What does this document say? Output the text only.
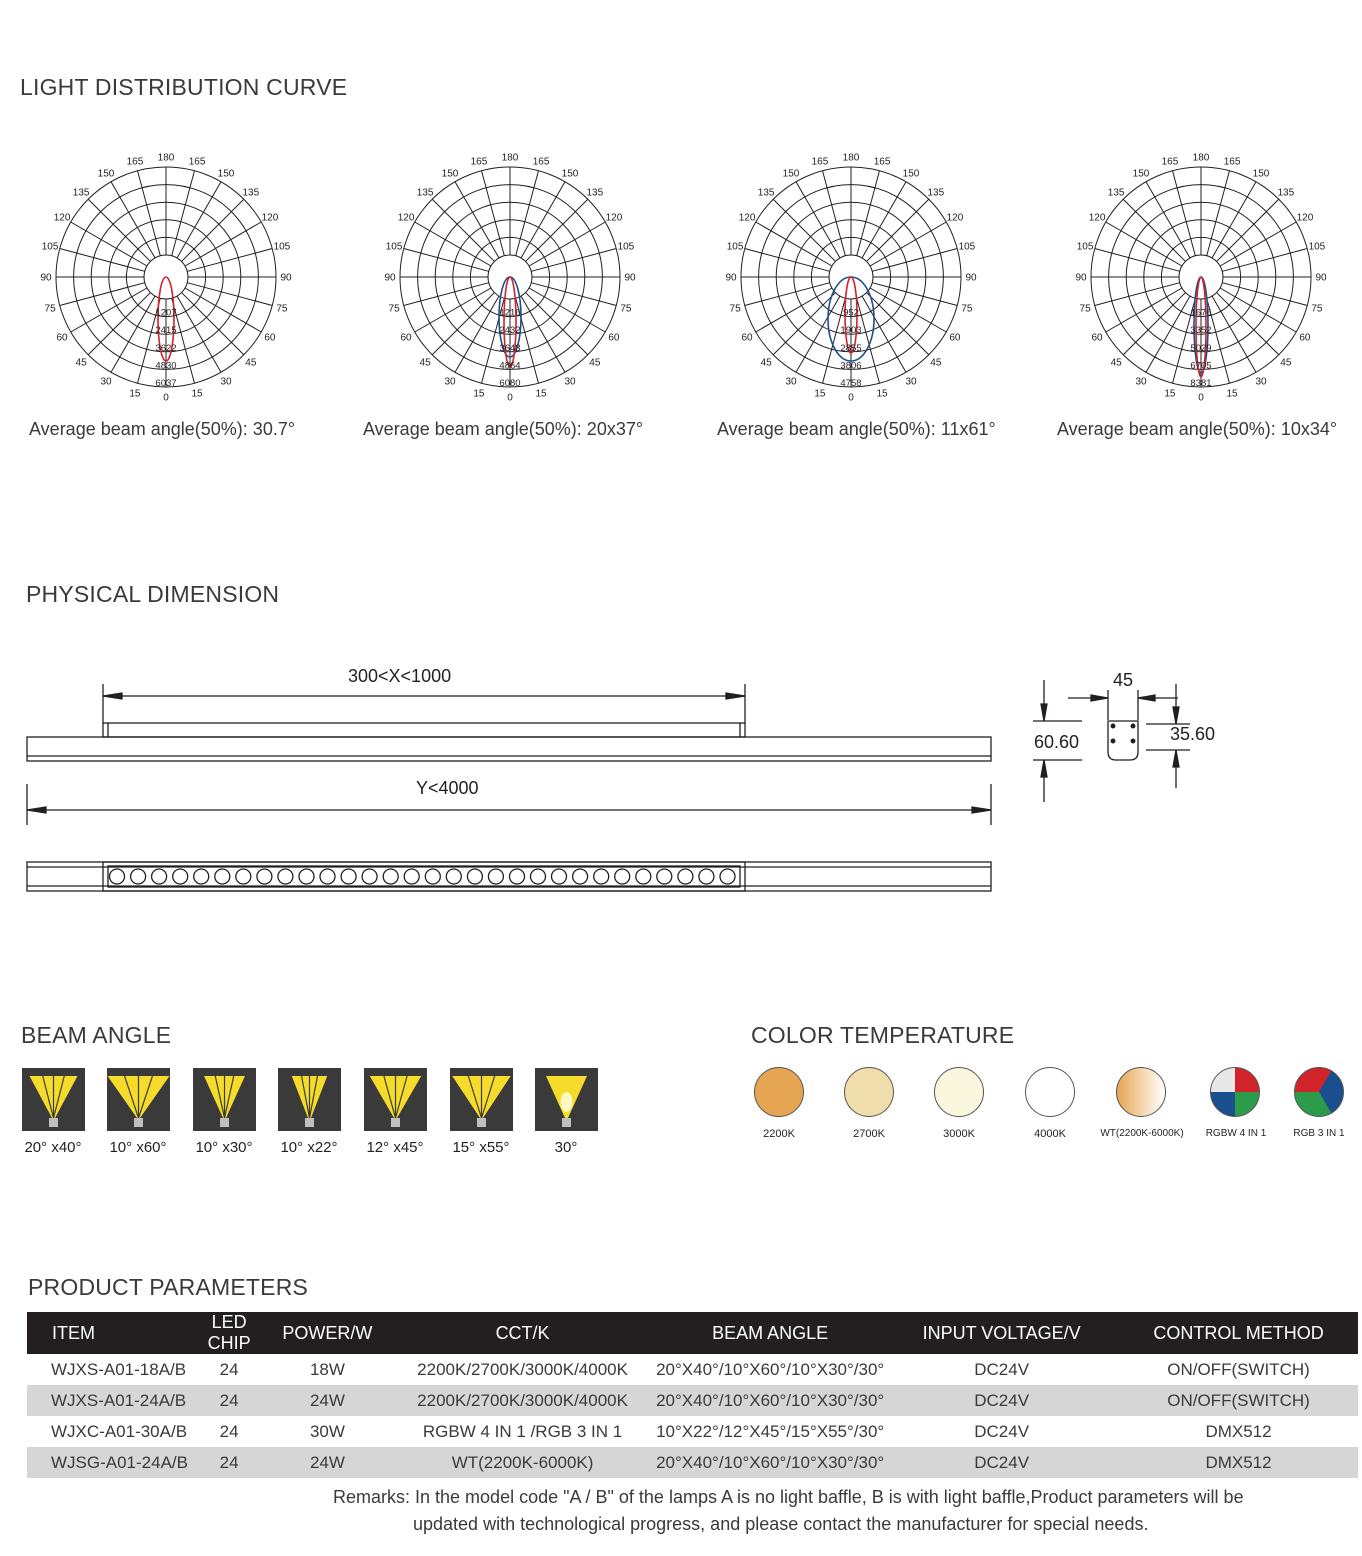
LIGHT DISTRIBUTION CURVE
PHYSICAL DIMENSION
BEAM ANGLE	COLOR TEMPERATURE
PRODUCT PARAMETERS
180 165
165
150
150
135
135
120
120
105
105
90
90
75
75
60
60
45
45
30
30
15
15 0
1207
2415
3622
4830
6037
180 165
165
150
150
135
135
120
120
105
105
90
90
75
75
60
60
45
45
30
30
15
15 0
1216
2432
3648
4864
6080
180 165
165
150
150
135
135
120
120
105
105
90
90
75
75
60
60
45
45
30
30
15
15 0
952
1903
2855
3806
4758
180 165
165
150
150
135
135
120
120
105
105
90
90
75
75
60
60
45
45
30
30
15
15 0
1676
3352
5029
6705
8381
Average beam angle(50%): 30.7°	Average beam angle(50%): 20x37°	Average beam angle(50%): 11x61°	Average beam angle(50%): 10x34°
300<X<1000
Y<4000
45
60.60	35.60
20° x40°	10° x60°	10° x30°	10° x22°	12° x45°	15° x55°	30°
2200K	2700K	3000K	4000K	WT(2200K-6000K)	RGBW 4 IN 1	RGB 3 IN 1
ITEM	LED CHIP	POWER/W	CCT/K	BEAM ANGLE	INPUT VOLTAGE/V	CONTROL METHOD
WJXS-A01-18A/B	24	18W	2200K/2700K/3000K/4000K	20°X40°/10°X60°/10°X30°/30°	DC24V	ON/OFF(SWITCH)
WJXS-A01-24A/B	24	24W	2200K/2700K/3000K/4000K	20°X40°/10°X60°/10°X30°/30°	DC24V	ON/OFF(SWITCH)
WJXC-A01-30A/B	24	30W	RGBW 4 IN 1 /RGB 3 IN 1	10°X22°/12°X45°/15°X55°/30°	DC24V	DMX512
WJSG-A01-24A/B	24	24W	WT(2200K-6000K)	20°X40°/10°X60°/10°X30°/30°	DC24V	DMX512
Remarks: In the model code "A / B" of the lamps A is no light baffle, B is with light baffle,Product parameters will be
updated with technological progress, and please contact the manufacturer for special needs.
